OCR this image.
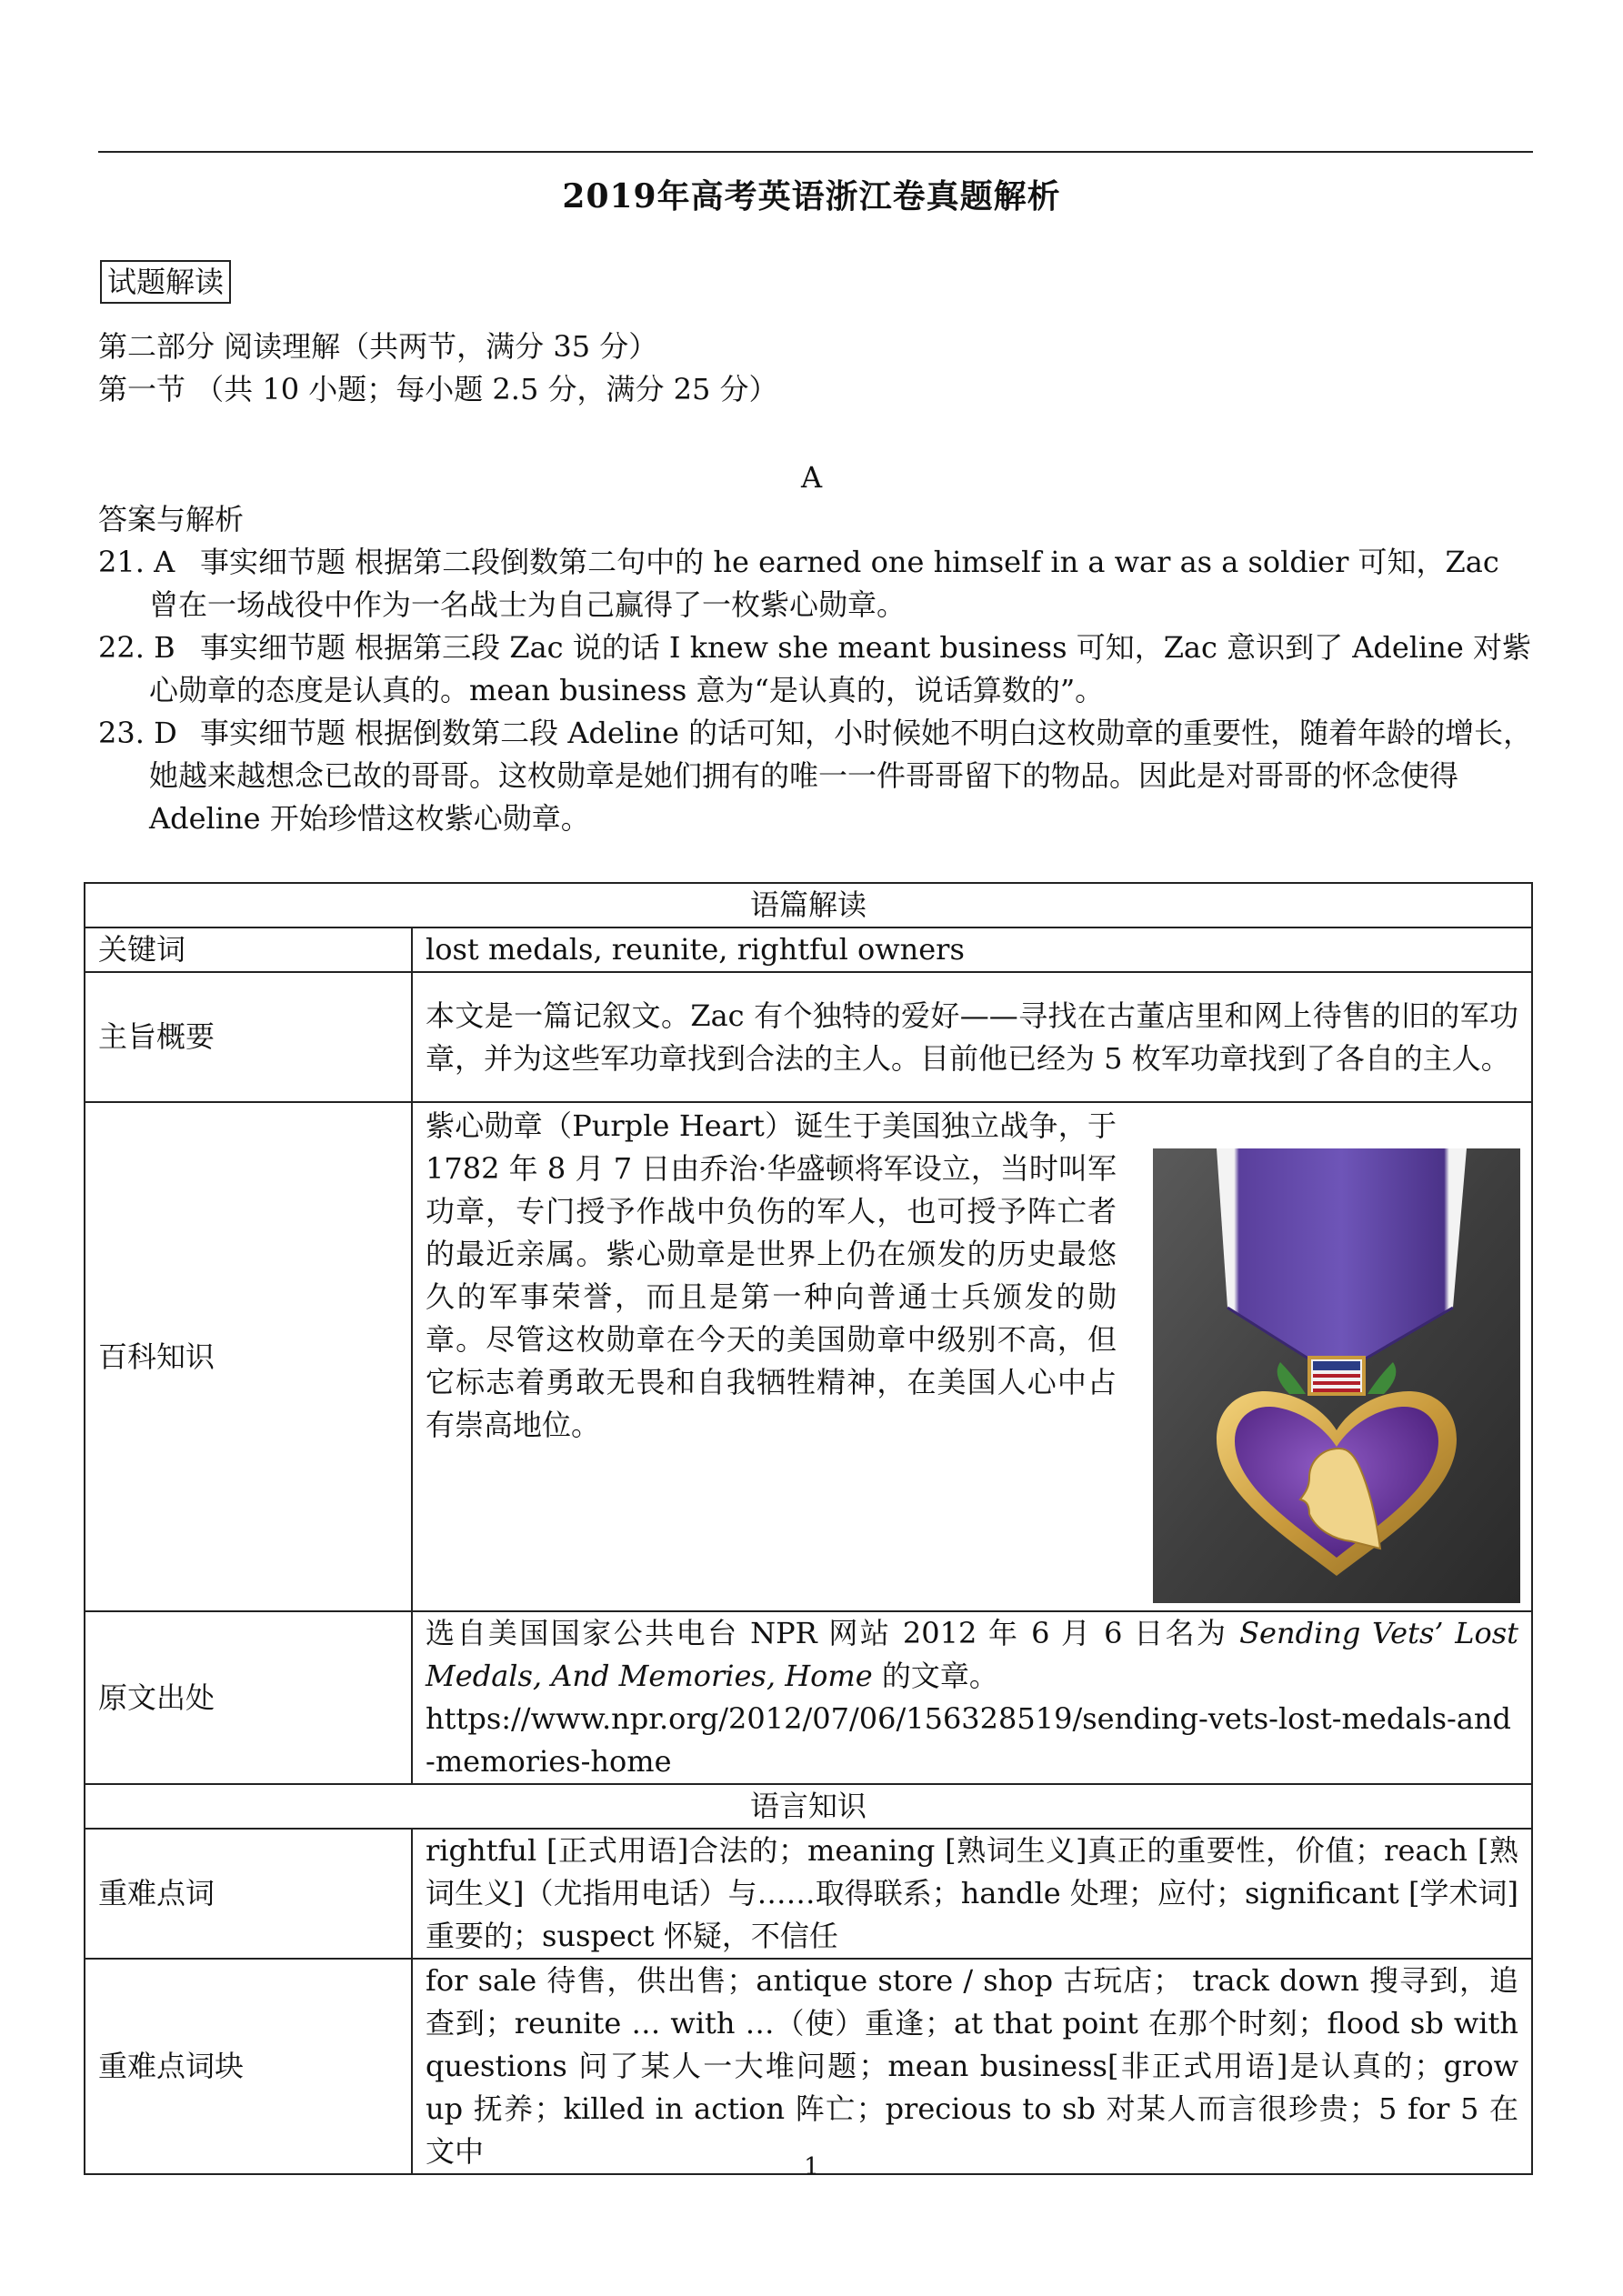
2019年高考英语浙江卷真题解析
试题解读
第二部分 阅读理解（共两节，满分 35 分）
第一节 （共 10 小题；每小题 2.5 分，满分 25 分）
A
答案与解析
21. A 事实细节题 根据第二段倒数第二句中的 he earned one himself in a war as a soldier 可知，Zac 曾在一场战役中作为一名战士为自己赢得了一枚紫心勋章。
22. B 事实细节题 根据第三段 Zac 说的话 I knew she meant business 可知，Zac 意识到了 Adeline 对紫心勋章的态度是认真的。mean business 意为“是认真的，说话算数的”。
23. D 事实细节题 根据倒数第二段 Adeline 的话可知，小时候她不明白这枚勋章的重要性，随着年龄的增长，她越来越想念已故的哥哥。这枚勋章是她们拥有的唯一一件哥哥留下的物品。因此是对哥哥的怀念使得 Adeline 开始珍惜这枚紫心勋章。
语篇解读	
关键词	lost medals, reunite, rightful owners
主旨概要	本文是一篇记叙文。Zac 有个独特的爱好——寻找在古董店里和网上待售的旧的军功章，并为这些军功章找到合法的主人。目前他已经为 5 枚军功章找到了各自的主人。
百科知识	紫心勋章（Purple Heart）诞生于美国独立战争，于 1782 年 8 月 7 日由乔治·华盛顿将军设立，当时叫军功章，专门授予作战中负伤的军人，也可授予阵亡者的最近亲属。紫心勋章是世界上仍在颁发的历史最悠久的军事荣誉，而且是第一种向普通士兵颁发的勋章。尽管这枚勋章在今天的美国勋章中级别不高，但它标志着勇敢无畏和自我牺牲精神，在美国人心中占有崇高地位。

原文出处	选自美国国家公共电台 NPR 网站 2012 年 6 月 6 日名为 Sending Vets’ Lost Medals, And Memories, Home 的文章。
https://www.npr.org/2012/07/06/156328519/sending-vets-lost-medals-and-memories-home
语言知识	
重难点词	rightful [正式用语]合法的；meaning [熟词生义]真正的重要性，价值；reach [熟词生义]（尤指用电话）与……取得联系；handle 处理；应付；significant [学术词]重要的；suspect 怀疑，不信任
重难点词块	for sale 待售，供出售；antique store / shop 古玩店； track down 搜寻到，追查到；reunite … with …（使）重逢；at that point 在那个时刻；flood sb with questions 问了某人一大堆问题；mean business[非正式用语]是认真的；grow up 抚养；killed in action 阵亡；precious to sb 对某人而言很珍贵；5 for 5 在文中	1
